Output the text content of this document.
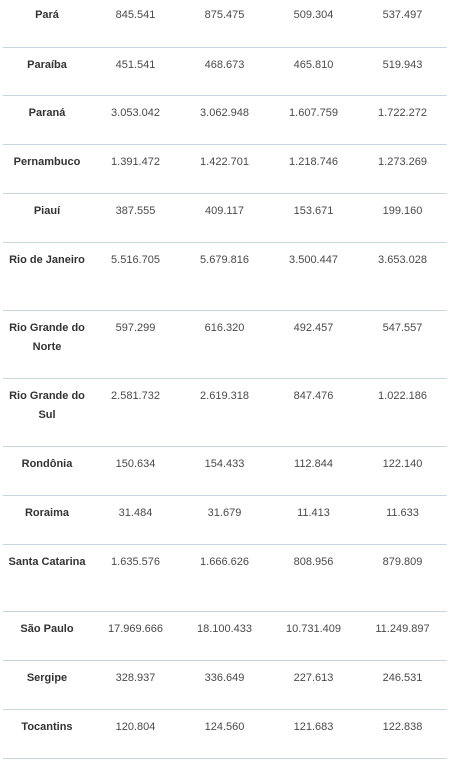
Pará	845.541	875.475	509.304	537.497

Paraíba	451.541	468.673	465.810	519.943

Paraná	3.053.042	3.062.948	1.607.759	1.722.272

Pernambuco	1.391.472	1.422.701	1.218.746	1.273.269

Piauí	387.555	409.117	153.671	199.160

Rio de Janeiro	5.516.705	5.679.816	3.500.447	3.653.028

Rio Grande do Norte	597.299	616.320	492.457	547.557

Rio Grande do Sul	2.581.732	2.619.318	847.476	1.022.186

Rondônia	150.634	154.433	112.844	122.140

Roraima	31.484	31.679	11.413	11.633

Santa Catarina	1.635.576	1.666.626	808.956	879.809

São Paulo	17.969.666	18.100.433	10.731.409	11.249.897

Sergipe	328.937	336.649	227.613	246.531

Tocantins	120.804	124.560	121.683	122.838
